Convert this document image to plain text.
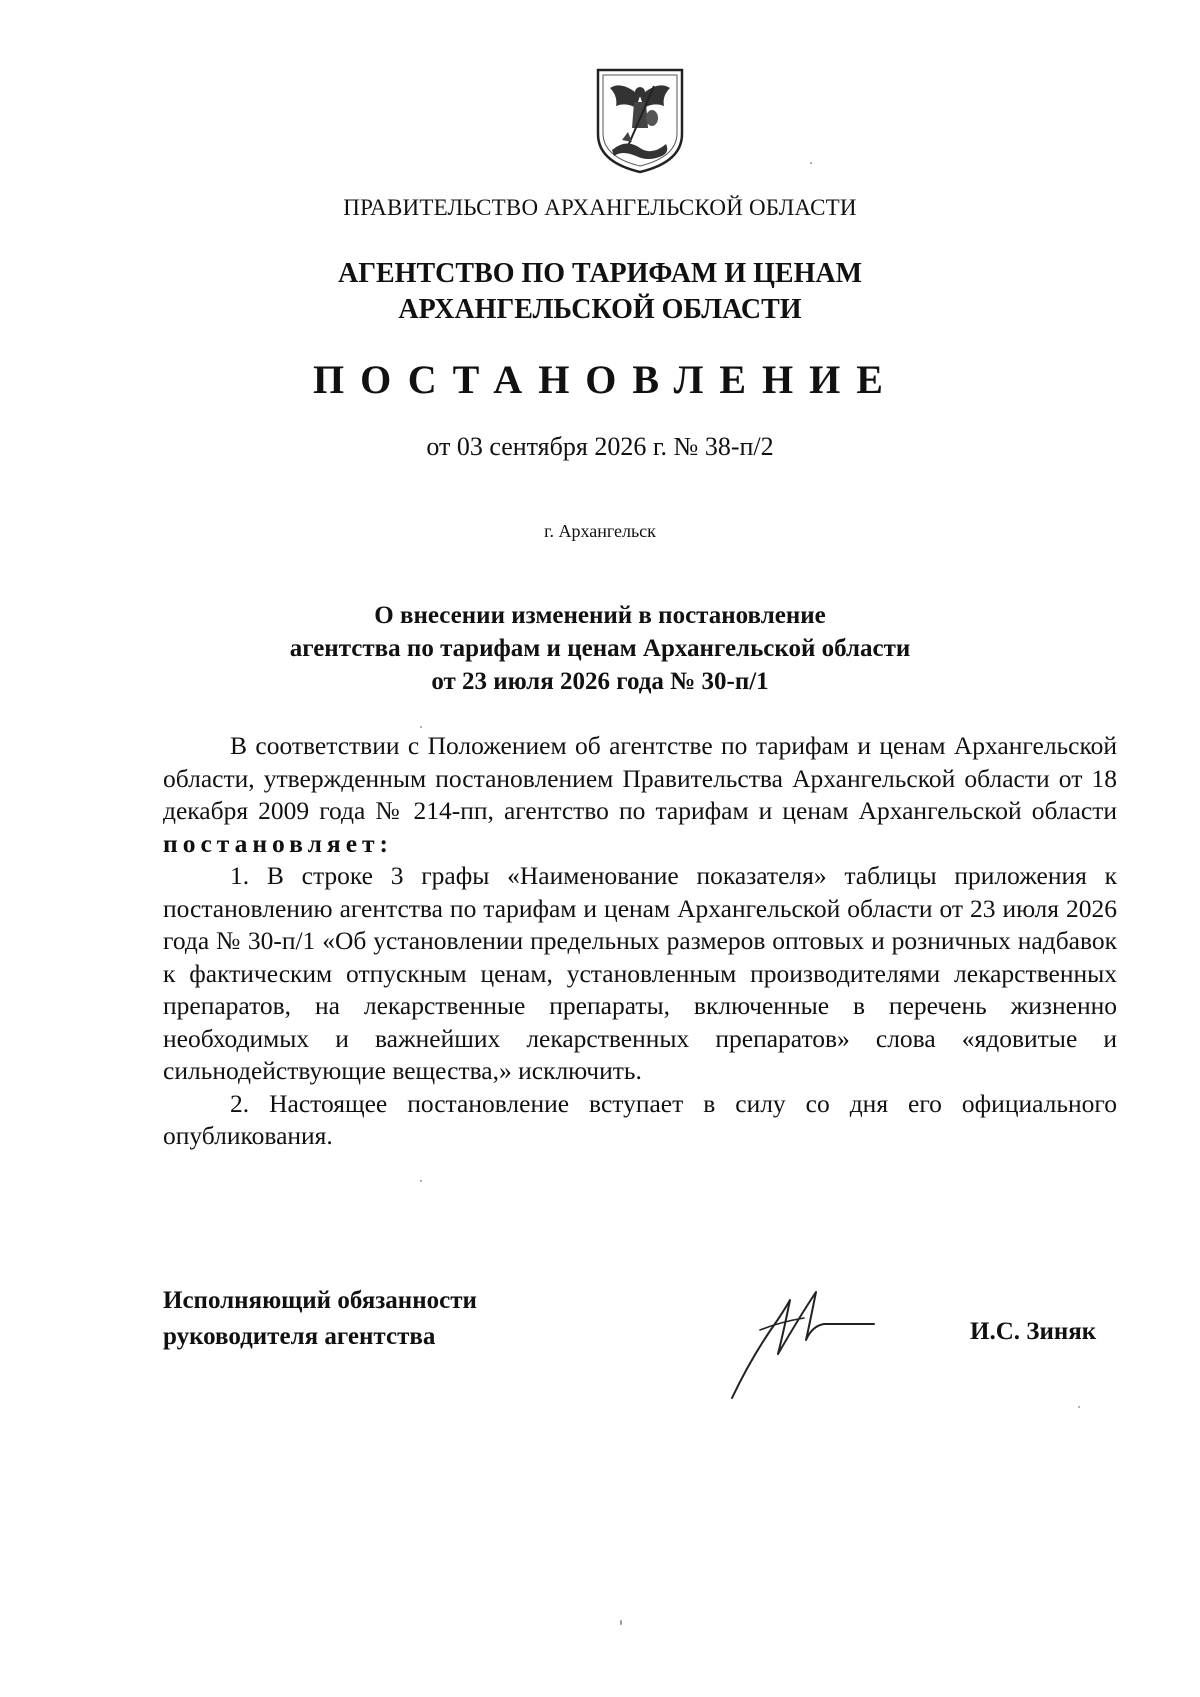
ПРАВИТЕЛЬСТВО АРХАНГЕЛЬСКОЙ ОБЛАСТИ
АГЕНТСТВО ПО ТАРИФАМ И ЦЕНАМ
АРХАНГЕЛЬСКОЙ ОБЛАСТИ
ПОСТАНОВЛЕНИЕ
от 03 сентября 2026 г. № 38-п/2
г. Архангельск
О внесении изменений в постановление
агентства по тарифам и ценам Архангельской области
от 23 июля 2026 года № 30-п/1

В соответствии с Положением об агентстве по тарифам и ценам Архангельской области, утвержденным постановлением Правительства Архангельской области от 18 декабря 2009 года № 214-пп, агентство по тарифам и ценам Архангельской области постановляет:

1. В строке 3 графы «Наименование показателя» таблицы приложения к постановлению агентства по тарифам и ценам Архангельской области от 23 июля 2026 года № 30-п/1 «Об установлении предельных размеров оптовых и розничных надбавок к фактическим отпускным ценам, установленным производителями лекарственных препаратов, на лекарственные препараты, включенные в перечень жизненно необходимых и важнейших лекарственных препаратов» слова «ядовитые и сильнодействующие вещества,» исключить.

2. Настоящее постановление вступает в силу со дня его официального опубликования.

Исполняющий обязанности
руководителя агентства	И.С. Зиняк
